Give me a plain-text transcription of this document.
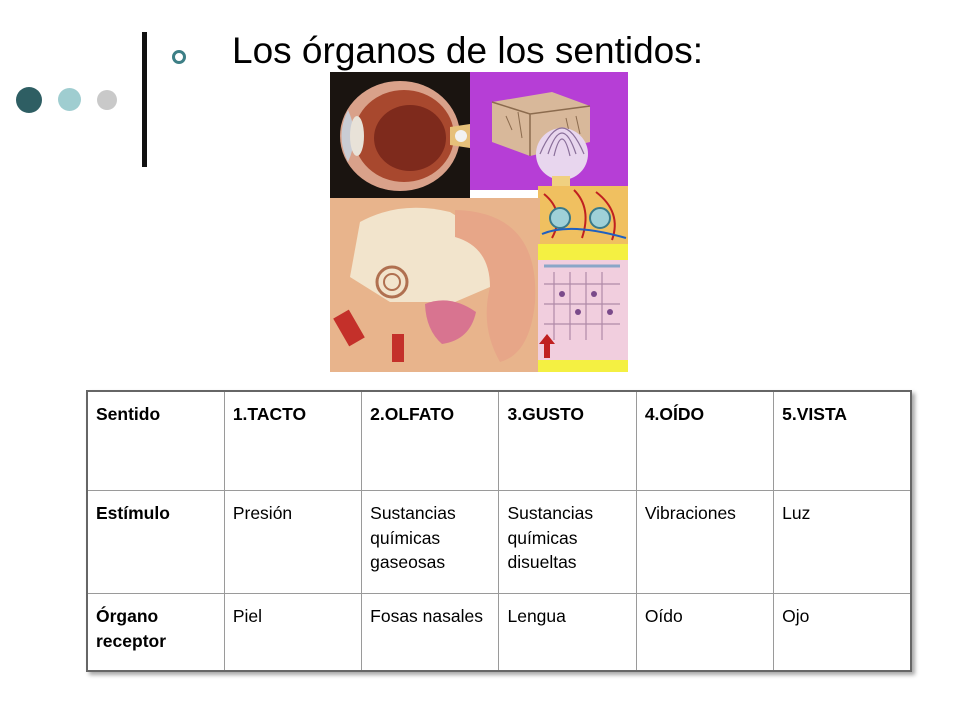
Los órganos de los sentidos:
Sentido	1.TACTO	2.OLFATO	3.GUSTO	4.OÍDO	5.VISTA
Estímulo	Presión	Sustancias químicas gaseosas	Sustancias químicas disueltas	Vibraciones	Luz
Órgano receptor	Piel	Fosas nasales	Lengua	Oído	Ojo
